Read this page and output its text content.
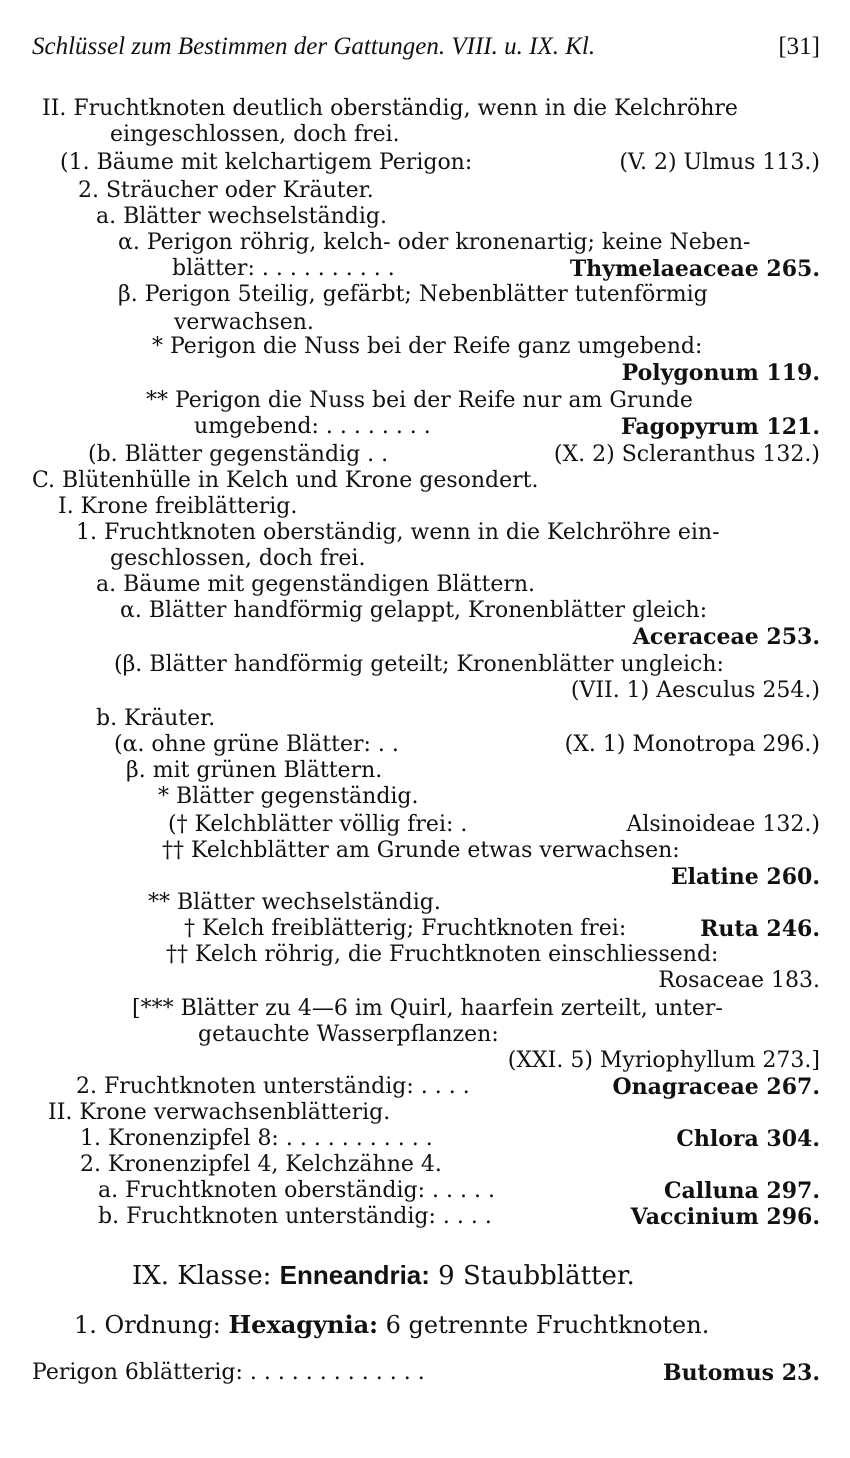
Schlüssel zum Bestimmen der Gattungen. VIII. u. IX. Kl.	[31]
II. Fruchtknoten deutlich oberständig, wenn in die Kelchröhre
eingeschlossen, doch frei.
(1. Bäume mit kelchartigem Perigon:	(V. 2) Ulmus 113.)
2. Sträucher oder Kräuter.
a. Blätter wechselständig.
α. Perigon röhrig, kelch- oder kronenartig; keine Neben-
blätter: . . . . . . . . . .	Thymelaeaceae 265.
β. Perigon 5teilig, gefärbt; Nebenblätter tutenförmig
verwachsen.
* Perigon die Nuss bei der Reife ganz umgebend:
Polygonum 119.
** Perigon die Nuss bei der Reife nur am Grunde
umgebend: . . . . . . . .	Fagopyrum 121.
(b. Blätter gegenständig . .	(X. 2) Scleranthus 132.)
C. Blütenhülle in Kelch und Krone gesondert.
I. Krone freiblätterig.
1. Fruchtknoten oberständig, wenn in die Kelchröhre ein-
geschlossen, doch frei.
a. Bäume mit gegenständigen Blättern.
α. Blätter handförmig gelappt, Kronenblätter gleich:
Aceraceae 253.
(β. Blätter handförmig geteilt; Kronenblätter ungleich:
(VII. 1) Aesculus 254.)
b. Kräuter.
(α. ohne grüne Blätter: . .	(X. 1) Monotropa 296.)
β. mit grünen Blättern.
* Blätter gegenständig.
(† Kelchblätter völlig frei: .	Alsinoideae 132.)
†† Kelchblätter am Grunde etwas verwachsen:
Elatine 260.
** Blätter wechselständig.
† Kelch freiblätterig; Fruchtknoten frei:	Ruta 246.
†† Kelch röhrig, die Fruchtknoten einschliessend:
Rosaceae 183.
[*** Blätter zu 4—6 im Quirl, haarfein zerteilt, unter-
getauchte Wasserpflanzen:
(XXI. 5) Myriophyllum 273.]
2. Fruchtknoten unterständig: . . . .	Onagraceae 267.
II. Krone verwachsenblätterig.
1. Kronenzipfel 8: . . . . . . . . . . .	Chlora 304.
2. Kronenzipfel 4, Kelchzähne 4.
a. Fruchtknoten oberständig: . . . . .	Calluna 297.
b. Fruchtknoten unterständig: . . . .	Vaccinium 296.
IX. Klasse: Enneandria: 9 Staubblätter.
1. Ordnung: Hexagynia: 6 getrennte Fruchtknoten.
Perigon 6blätterig: . . . . . . . . . . . . .	Butomus 23.
